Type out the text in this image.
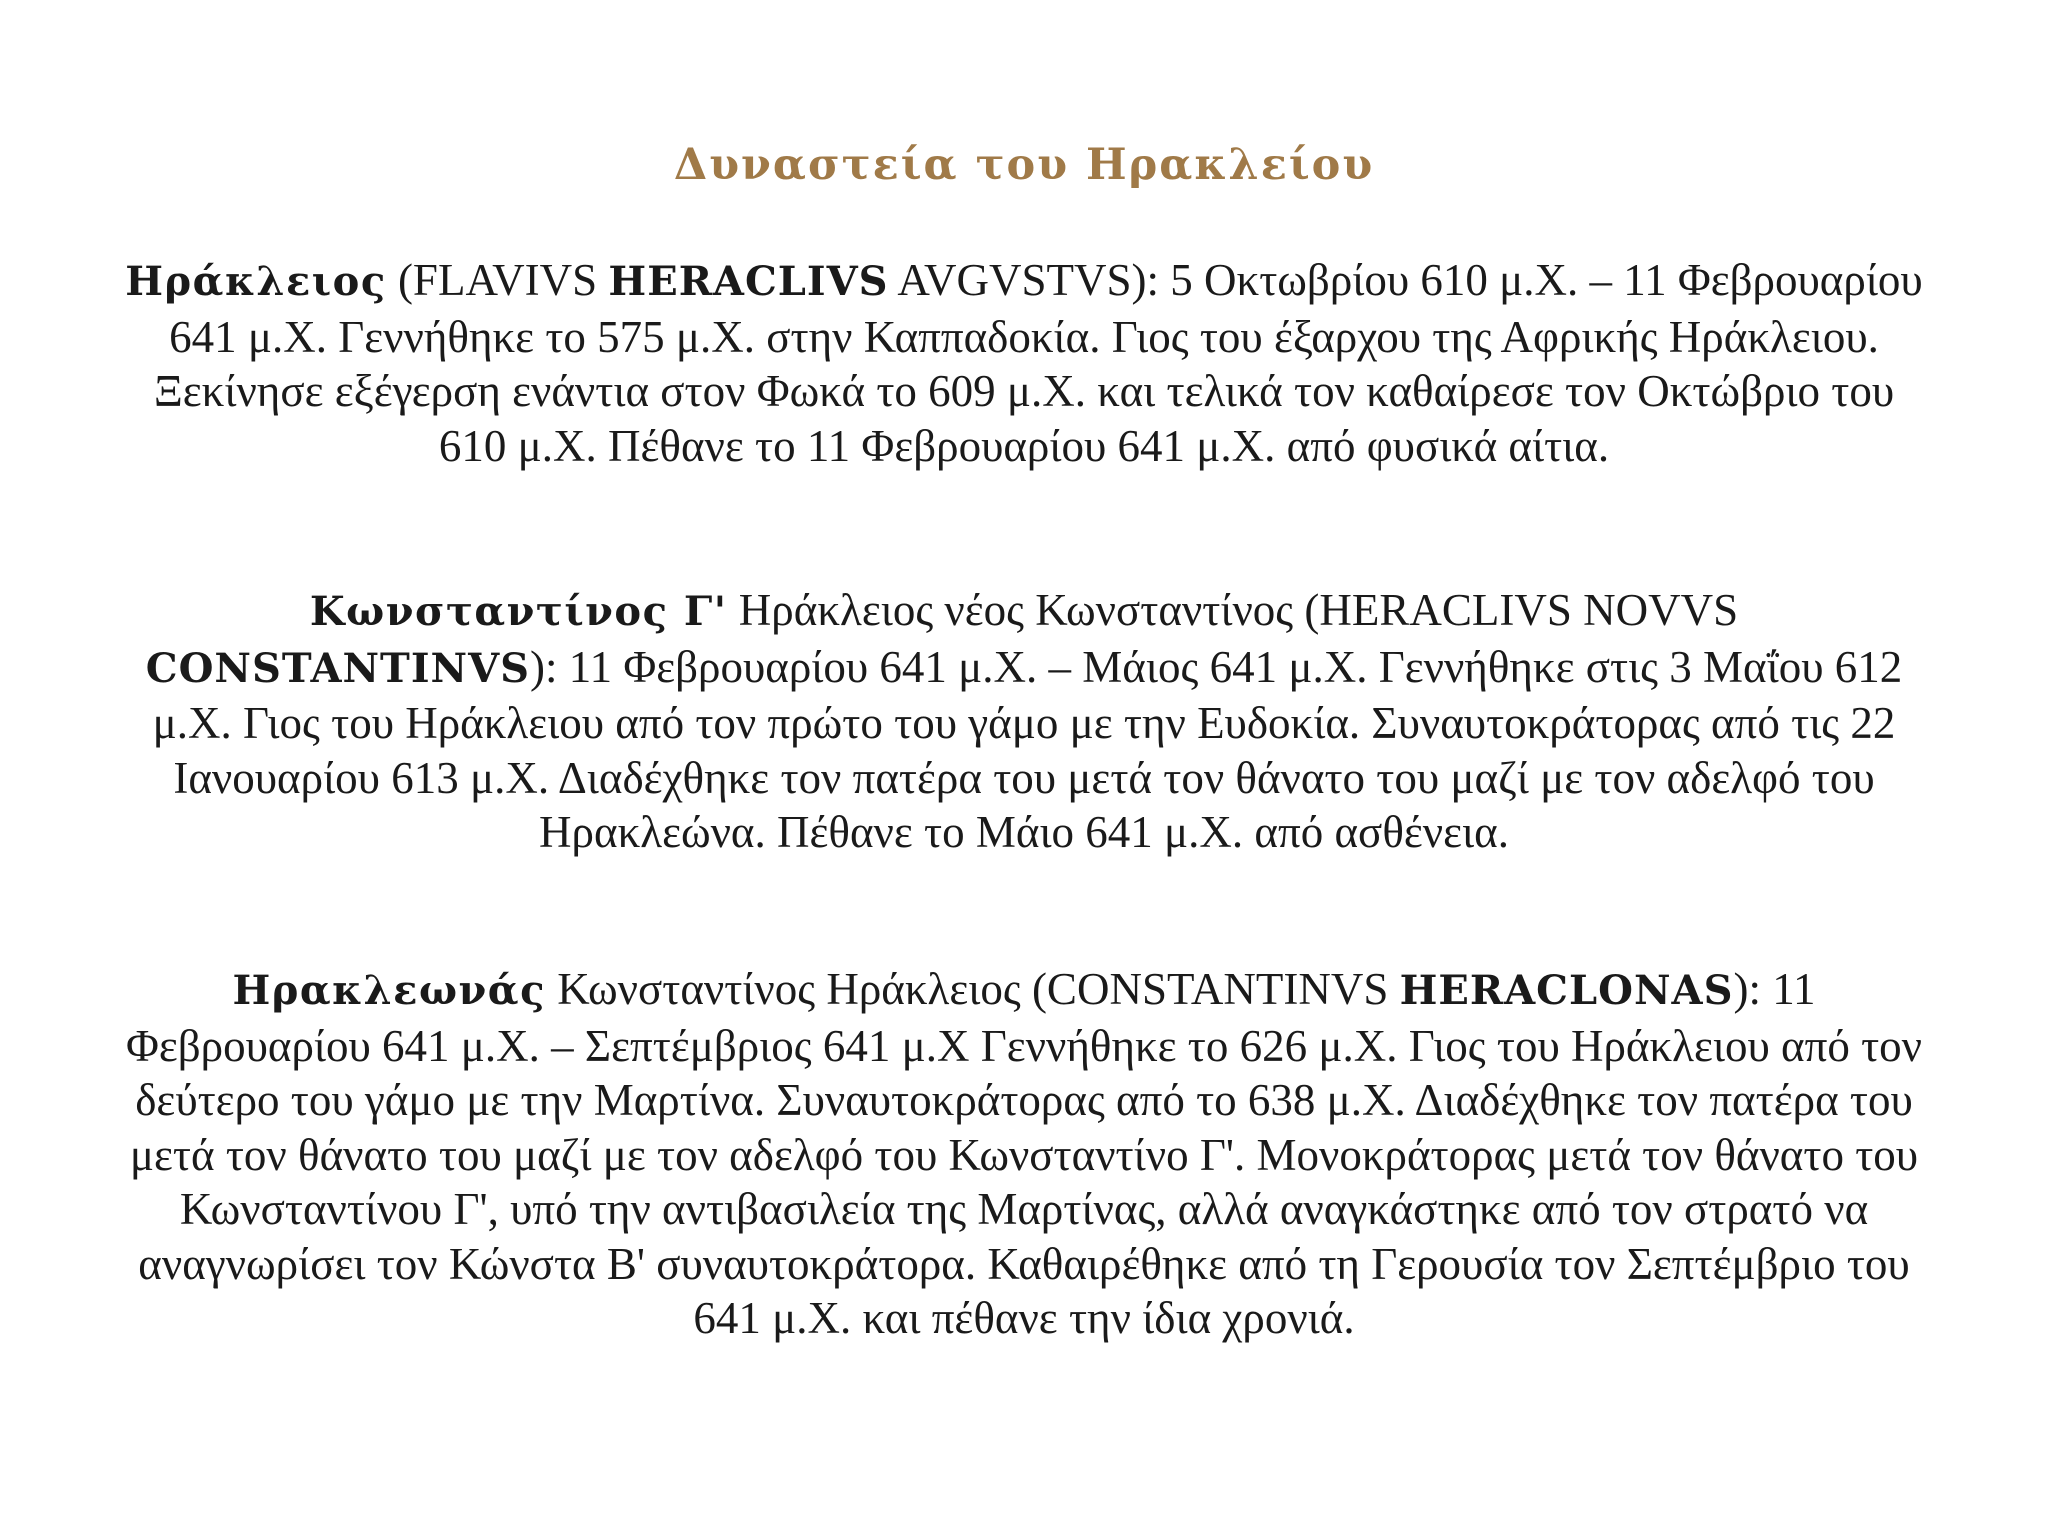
Δυναστεία του Ηρακλείου
Ηράκλειος (FLAVIVS HERACLIVS AVGVSTVS): 5 Οκτωβρίου 610 μ.Χ. – 11 Φεβρουαρίου 641 μ.Χ. Γεννήθηκε το 575 μ.Χ. στην Καππαδοκία. Γιος του έξαρχου της Αφρικής Ηράκλειου. Ξεκίνησε εξέγερση ενάντια στον Φωκά το 609 μ.Χ. και τελικά τον καθαίρεσε τον Οκτώβριο του 610 μ.Χ. Πέθανε το 11 Φεβρουαρίου 641 μ.Χ. από φυσικά αίτια.
Κωνσταντίνος Γ' Ηράκλειος νέος Κωνσταντίνος (HERACLIVS NOVVS CONSTANTINVS): 11 Φεβρουαρίου 641 μ.Χ. – Μάιος 641 μ.Χ. Γεννήθηκε στις 3 Μαΐου 612 μ.Χ. Γιος του Ηράκλειου από τον πρώτο του γάμο με την Ευδοκία. Συναυτοκράτορας από τις 22 Ιανουαρίου 613 μ.Χ. Διαδέχθηκε τον πατέρα του μετά τον θάνατο του μαζί με τον αδελφό του Ηρακλεώνα. Πέθανε το Μάιο 641 μ.Χ. από ασθένεια.
Ηρακλεωνάς Κωνσταντίνος Ηράκλειος (CONSTANTINVS HERACLONAS): 11 Φεβρουαρίου 641 μ.Χ. – Σεπτέμβριος 641 μ.Χ Γεννήθηκε το 626 μ.Χ. Γιος του Ηράκλειου από τον δεύτερο του γάμο με την Μαρτίνα. Συναυτοκράτορας από το 638 μ.Χ. Διαδέχθηκε τον πατέρα του μετά τον θάνατο του μαζί με τον αδελφό του Κωνσταντίνο Γ'. Μονοκράτορας μετά τον θάνατο του Κωνσταντίνου Γ', υπό την αντιβασιλεία της Μαρτίνας, αλλά αναγκάστηκε από τον στρατό να αναγνωρίσει τον Κώνστα Β' συναυτοκράτορα. Καθαιρέθηκε από τη Γερουσία τον Σεπτέμβριο του 641 μ.Χ. και πέθανε την ίδια χρονιά.
